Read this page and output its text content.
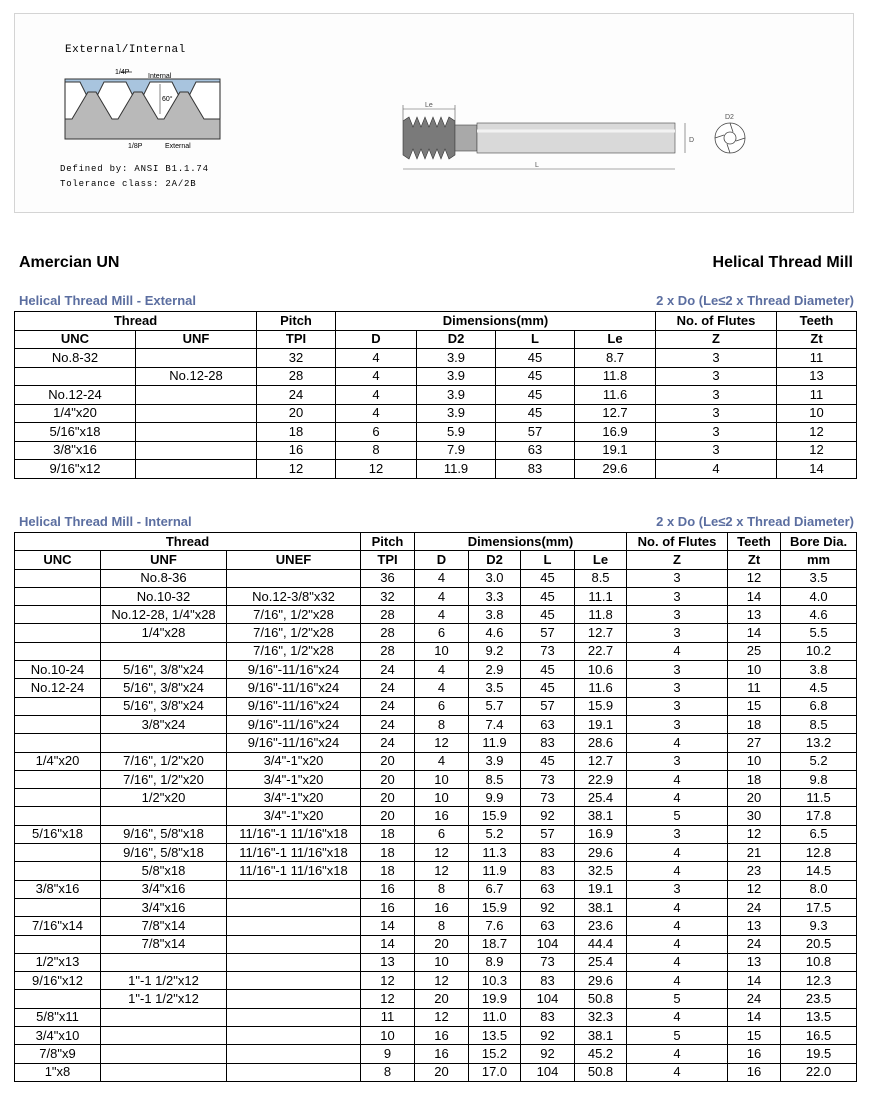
External/Internal
1/4P
Internal
60°
1/8P	External
Defined by: ANSI B1.1.74
Tolerance class: 2A/2B
Le
D
L
D2
Amercian UN	Helical Thread Mill
Helical Thread Mill - External	2 x Do (Le≤2 x Thread Diameter)
Thread		Pitch	Dimensions(mm)				No. of Flutes	Teeth
UNC	UNF	TPI	D	D2	L	Le	Z	Zt
No.8-32		32	4	3.9	45	8.7	3	11
	No.12-28	28	4	3.9	45	11.8	3	13
No.12-24		24	4	3.9	45	11.6	3	11
1/4"x20		20	4	3.9	45	12.7	3	10
5/16"x18		18	6	5.9	57	16.9	3	12
3/8"x16		16	8	7.9	63	19.1	3	12
9/16"x12		12	12	11.9	83	29.6	4	14
Helical Thread Mill - Internal	2 x Do (Le≤2 x Thread Diameter)
Thread			Pitch	Dimensions(mm)				No. of Flutes	Teeth	Bore Dia.
UNC	UNF	UNEF	TPI	D	D2	L	Le	Z	Zt	mm
	No.8-36		36	4	3.0	45	8.5	3	12	3.5
	No.10-32	No.12-3/8"x32	32	4	3.3	45	11.1	3	14	4.0
	No.12-28, 1/4"x28	7/16", 1/2"x28	28	4	3.8	45	11.8	3	13	4.6
	1/4"x28	7/16", 1/2"x28	28	6	4.6	57	12.7	3	14	5.5
		7/16", 1/2"x28	28	10	9.2	73	22.7	4	25	10.2
No.10-24	5/16", 3/8"x24	9/16"-11/16"x24	24	4	2.9	45	10.6	3	10	3.8
No.12-24	5/16", 3/8"x24	9/16"-11/16"x24	24	4	3.5	45	11.6	3	11	4.5
	5/16", 3/8"x24	9/16"-11/16"x24	24	6	5.7	57	15.9	3	15	6.8
	3/8"x24	9/16"-11/16"x24	24	8	7.4	63	19.1	3	18	8.5
		9/16"-11/16"x24	24	12	11.9	83	28.6	4	27	13.2
1/4"x20	7/16", 1/2"x20	3/4"-1"x20	20	4	3.9	45	12.7	3	10	5.2
	7/16", 1/2"x20	3/4"-1"x20	20	10	8.5	73	22.9	4	18	9.8
	1/2"x20	3/4"-1"x20	20	10	9.9	73	25.4	4	20	11.5
		3/4"-1"x20	20	16	15.9	92	38.1	5	30	17.8
5/16"x18	9/16", 5/8"x18	11/16"-1 11/16"x18	18	6	5.2	57	16.9	3	12	6.5
	9/16", 5/8"x18	11/16"-1 11/16"x18	18	12	11.3	83	29.6	4	21	12.8
	5/8"x18	11/16"-1 11/16"x18	18	12	11.9	83	32.5	4	23	14.5
3/8"x16	3/4"x16		16	8	6.7	63	19.1	3	12	8.0
	3/4"x16		16	16	15.9	92	38.1	4	24	17.5
7/16"x14	7/8"x14		14	8	7.6	63	23.6	4	13	9.3
	7/8"x14		14	20	18.7	104	44.4	4	24	20.5
1/2"x13			13	10	8.9	73	25.4	4	13	10.8
9/16"x12	1"-1 1/2"x12		12	12	10.3	83	29.6	4	14	12.3
	1"-1 1/2"x12		12	20	19.9	104	50.8	5	24	23.5
5/8"x11			11	12	11.0	83	32.3	4	14	13.5
3/4"x10			10	16	13.5	92	38.1	5	15	16.5
7/8"x9			9	16	15.2	92	45.2	4	16	19.5
1"x8			8	20	17.0	104	50.8	4	16	22.0
